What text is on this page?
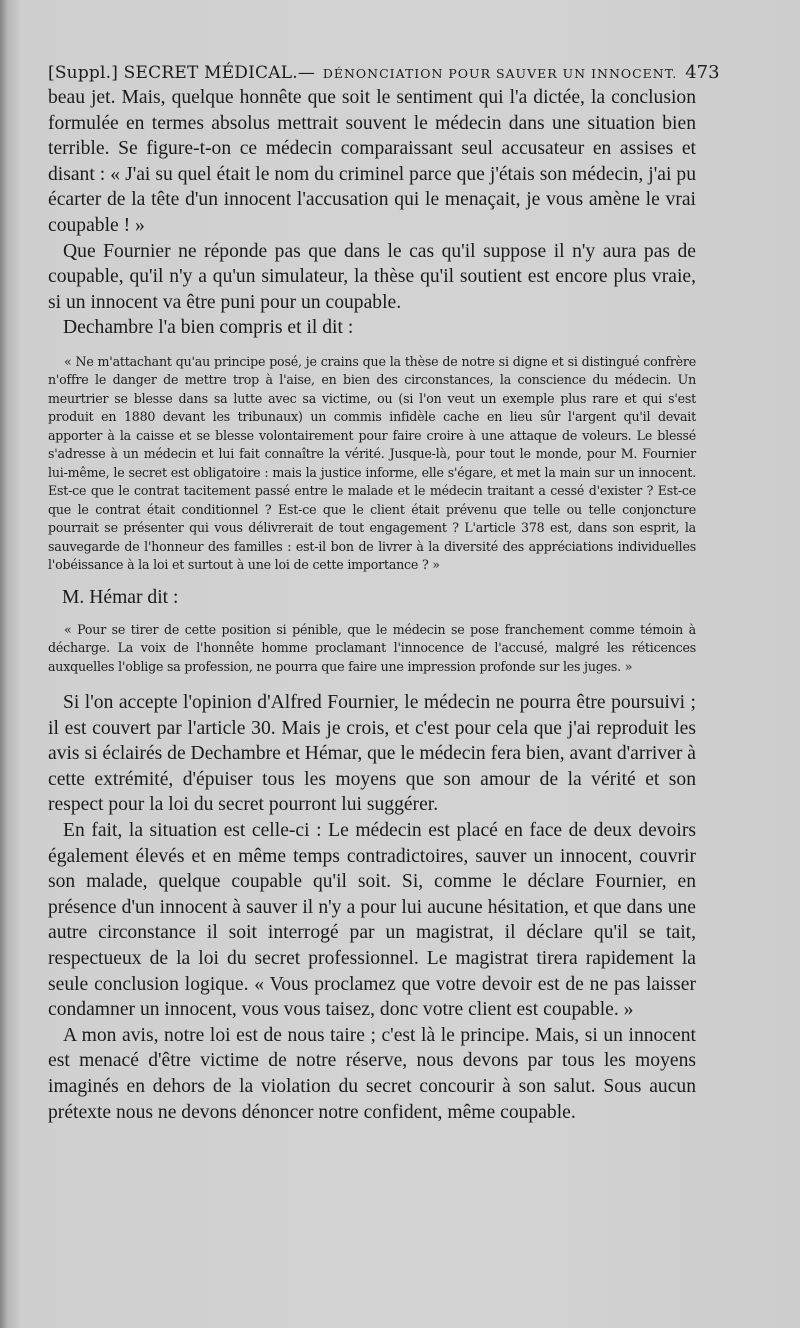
[Suppl.] SECRET MÉDICAL. — DÉNONCIATION POUR SAUVER UN INNOCENT. 473

beau jet. Mais, quelque honnête que soit le sentiment qui l'a dictée, la conclusion formulée en termes absolus mettrait souvent le médecin dans une situation bien terrible. Se figure-t-on ce médecin comparaissant seul accusateur en assises et disant : « J'ai su quel était le nom du criminel parce que j'étais son médecin, j'ai pu écarter de la tête d'un innocent l'accusation qui le menaçait, je vous amène le vrai coupable ! »

Que Fournier ne réponde pas que dans le cas qu'il suppose il n'y aura pas de coupable, qu'il n'y a qu'un simulateur, la thèse qu'il soutient est encore plus vraie, si un innocent va être puni pour un coupable.

Dechambre l'a bien compris et il dit :

« Ne m'attachant qu'au principe posé, je crains que la thèse de notre si digne et si distingué confrère n'offre le danger de mettre trop à l'aise, en bien des circonstances, la conscience du médecin. Un meurtrier se blesse dans sa lutte avec sa victime, ou (si l'on veut un exemple plus rare et qui s'est produit en 1880 devant les tribunaux) un commis infidèle cache en lieu sûr l'argent qu'il devait apporter à la caisse et se blesse volontairement pour faire croire à une attaque de voleurs. Le blessé s'adresse à un médecin et lui fait connaître la vérité. Jusque-là, pour tout le monde, pour M. Fournier lui-même, le secret est obligatoire : mais la justice informe, elle s'égare, et met la main sur un innocent. Est-ce que le contrat tacitement passé entre le malade et le médecin traitant a cessé d'exister ? Est-ce que le contrat était conditionnel ? Est-ce que le client était prévenu que telle ou telle conjoncture pourrait se présenter qui vous délivrerait de tout engagement ? L'article 378 est, dans son esprit, la sauvegarde de l'honneur des familles : est-il bon de livrer à la diversité des appréciations individuelles l'obéissance à la loi et surtout à une loi de cette importance ? »

M. Hémar dit :

« Pour se tirer de cette position si pénible, que le médecin se pose franchement comme témoin à décharge. La voix de l'honnête homme proclamant l'innocence de l'accusé, malgré les réticences auxquelles l'oblige sa profession, ne pourra que faire une impression profonde sur les juges. »

Si l'on accepte l'opinion d'Alfred Fournier, le médecin ne pourra être poursuivi ; il est couvert par l'article 30. Mais je crois, et c'est pour cela que j'ai reproduit les avis si éclairés de Dechambre et Hémar, que le médecin fera bien, avant d'arriver à cette extrémité, d'épuiser tous les moyens que son amour de la vérité et son respect pour la loi du secret pourront lui suggérer.

En fait, la situation est celle-ci : Le médecin est placé en face de deux devoirs également élevés et en même temps contradictoires, sauver un innocent, couvrir son malade, quelque coupable qu'il soit. Si, comme le déclare Fournier, en présence d'un innocent à sauver il n'y a pour lui aucune hésitation, et que dans une autre circonstance il soit interrogé par un magistrat, il déclare qu'il se tait, respectueux de la loi du secret professionnel. Le magistrat tirera rapidement la seule conclusion logique. « Vous proclamez que votre devoir est de ne pas laisser condamner un innocent, vous vous taisez, donc votre client est coupable. »

A mon avis, notre loi est de nous taire ; c'est là le principe. Mais, si un innocent est menacé d'être victime de notre réserve, nous devons par tous les moyens imaginés en dehors de la violation du secret concourir à son salut. Sous aucun prétexte nous ne devons dénoncer notre confident, même coupable.
